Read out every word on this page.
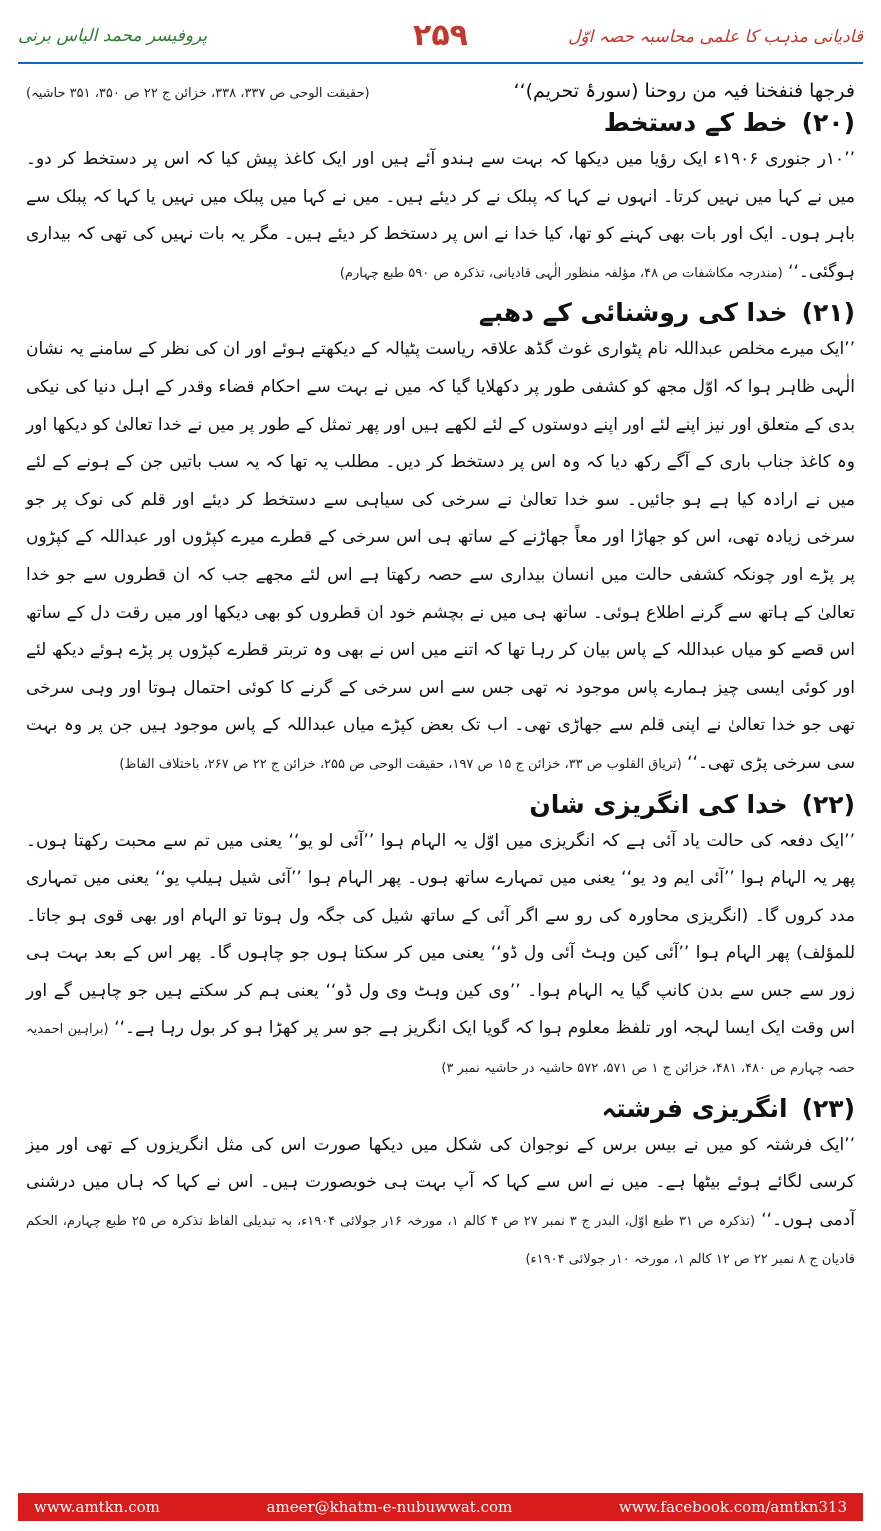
پروفیسر محمد الیاس برنی	۲۵۹	قادیانی مذہب کا علمی محاسبہ حصہ اوّل
فرجھا فنفخنا فیہ من روحنا (سورۂ تحریم)‘‘
(حقیقت الوحی ص ۳۳۷، ۳۳۸، خزائن ج ۲۲ ص ۳۵۰، ۳۵۱ حاشیہ)
(۲۰)خط کے دستخط

’’۱۰ر جنوری ۱۹۰۶ء ایک رؤیا میں دیکھا کہ بہت سے ہندو آئے ہیں اور ایک کاغذ پیش کیا کہ اس پر دستخط کر دو۔ میں نے کہا میں نہیں کرتا۔ انہوں نے کہا کہ پبلک نے کر دیئے ہیں۔ میں نے کہا میں پبلک میں نہیں یا کہا کہ پبلک سے باہر ہوں۔ ایک اور بات بھی کہنے کو تھا، کیا خدا نے اس پر دستخط کر دیئے ہیں۔ مگر یہ بات نہیں کی تھی کہ بیداری ہوگئی۔‘‘ (مندرجہ مکاشفات ص ۴۸، مؤلفہ منظور الٰہی قادیانی، تذکرہ ص ۵۹۰ طبع چہارم)

(۲۱)خدا کی روشنائی کے دھبے

’’ایک میرے مخلص عبداللہ نام پٹواری غوث گڈھ علاقہ ریاست پٹیالہ کے دیکھتے ہوئے اور ان کی نظر کے سامنے یہ نشان الٰہی ظاہر ہوا کہ اوّل مجھ کو کشفی طور پر دکھلایا گیا کہ میں نے بہت سے احکام قضاء وقدر کے اہل دنیا کی نیکی بدی کے متعلق اور نیز اپنے لئے اور اپنے دوستوں کے لئے لکھے ہیں اور پھر تمثل کے طور پر میں نے خدا تعالیٰ کو دیکھا اور وہ کاغذ جناب باری کے آگے رکھ دیا کہ وہ اس پر دستخط کر دیں۔ مطلب یہ تھا کہ یہ سب باتیں جن کے ہونے کے لئے میں نے ارادہ کیا ہے ہو جائیں۔ سو خدا تعالیٰ نے سرخی کی سیاہی سے دستخط کر دیئے اور قلم کی نوک پر جو سرخی زیادہ تھی، اس کو جھاڑا اور معاً جھاڑنے کے ساتھ ہی اس سرخی کے قطرے میرے کپڑوں اور عبداللہ کے کپڑوں پر پڑے اور چونکہ کشفی حالت میں انسان بیداری سے حصہ رکھتا ہے اس لئے مجھے جب کہ ان قطروں سے جو خدا تعالیٰ کے ہاتھ سے گرنے اطلاع ہوئی۔ ساتھ ہی میں نے بچشم خود ان قطروں کو بھی دیکھا اور میں رقت دل کے ساتھ اس قصے کو میاں عبداللہ کے پاس بیان کر رہا تھا کہ اتنے میں اس نے بھی وہ تربتر قطرے کپڑوں پر پڑے ہوئے دیکھ لئے اور کوئی ایسی چیز ہمارے پاس موجود نہ تھی جس سے اس سرخی کے گرنے کا کوئی احتمال ہوتا اور وہی سرخی تھی جو خدا تعالیٰ نے اپنی قلم سے جھاڑی تھی۔ اب تک بعض کپڑے میاں عبداللہ کے پاس موجود ہیں جن پر وہ بہت سی سرخی پڑی تھی۔‘‘ (تریاق القلوب ص ۳۳، خزائن ج ۱۵ ص ۱۹۷، حقیقت الوحی ص ۲۵۵، خزائن ج ۲۲ ص ۲۶۷، باختلاف الفاظ)

(۲۲)خدا کی انگریزی شان

’’ایک دفعہ کی حالت یاد آئی ہے کہ انگریزی میں اوّل یہ الہام ہوا ’’آئی لو یو‘‘ یعنی میں تم سے محبت رکھتا ہوں۔ پھر یہ الہام ہوا ’’آئی ایم ود یو‘‘ یعنی میں تمہارے ساتھ ہوں۔ پھر الہام ہوا ’’آئی شیل ہیلپ یو‘‘ یعنی میں تمہاری مدد کروں گا۔ (انگریزی محاورہ کی رو سے اگر آئی کے ساتھ شیل کی جگہ ول ہوتا تو الہام اور بھی قوی ہو جاتا۔ للمؤلف) پھر الہام ہوا ’’آئی کین وہٹ آئی ول ڈو‘‘ یعنی میں کر سکتا ہوں جو چاہوں گا۔ پھر اس کے بعد بہت ہی زور سے جس سے بدن کانپ گیا یہ الہام ہوا۔ ’’وی کین وہٹ وی ول ڈو‘‘ یعنی ہم کر سکتے ہیں جو چاہیں گے اور اس وقت ایک ایسا لہجہ اور تلفظ معلوم ہوا کہ گویا ایک انگریز ہے جو سر پر کھڑا ہو کر بول رہا ہے۔‘‘ (براہین احمدیہ حصہ چہارم ص ۴۸۰، ۴۸۱، خزائن ج ۱ ص ۵۷۱، ۵۷۲ حاشیہ در حاشیہ نمبر ۳)

(۲۳)انگریزی فرشتہ

’’ایک فرشتہ کو میں نے بیس برس کے نوجوان کی شکل میں دیکھا صورت اس کی مثل انگریزوں کے تھی اور میز کرسی لگائے ہوئے بیٹھا ہے۔ میں نے اس سے کہا کہ آپ بہت ہی خوبصورت ہیں۔ اس نے کہا کہ ہاں میں درشنی آدمی ہوں۔‘‘ (تذکرہ ص ۳۱ طبع اوّل، البدر ج ۳ نمبر ۲۷ ص ۴ کالم ۱، مورخہ ۱۶ر جولائی ۱۹۰۴ء، بہ تبدیلی الفاظ تذکرہ ص ۲۵ طبع چہارم، الحکم قادیان ج ۸ نمبر ۲۲ ص ۱۲ کالم ۱، مورخہ ۱۰ر جولائی ۱۹۰۴ء)

www.amtkn.com	ameer@khatm-e-nubuwwat.com	www.facebook.com/amtkn313
